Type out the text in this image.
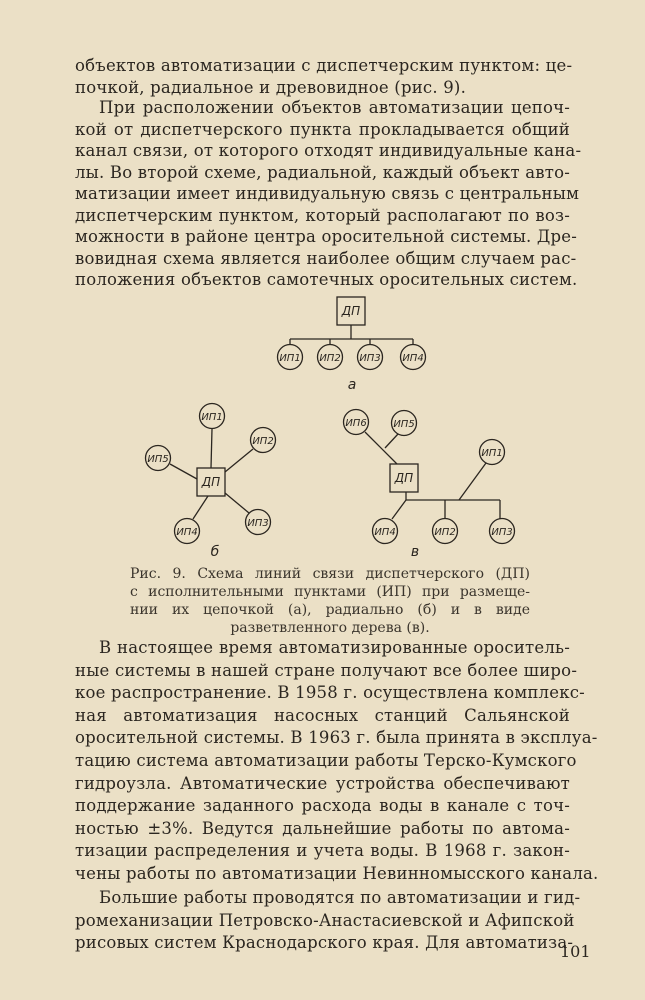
объектов автоматизации с диспетчерским пунктом: це-
почкой, радиальное и древовидное (рис. 9).
При расположении объектов автоматизации цепоч-
кой от диспетчерского пункта прокладывается общий
канал связи, от которого отходят индивидуальные кана-
лы. Во второй схеме, радиальной, каждый объект авто-
матизации имеет индивидуальную связь с центральным
диспетчерским пунктом, который располагают по воз-
можности в районе центра оросительной системы. Дре-
вовидная схема является наиболее общим случаем рас-
положения объектов самотечных оросительных систем.
ДП
ИП1 ИП2 ИП3 ИП4
а
ДП
ИП1
ИП2
ИП3
ИП4
ИП5
б
ДП
ИП1
ИП2	ИП3
ИП4
ИП5
ИП6
в
Рис. 9. Схема линий связи диспетчерского (ДП)
с исполнительными пунктами (ИП) при размеще-
нии их цепочкой (а), радиально (б) и в виде
разветвленного дерева (в).
В настоящее время автоматизированные ороситель-
ные системы в нашей стране получают все более широ-
кое распространение. В 1958 г. осуществлена комплекс-
ная автоматизация насосных станций Сальянской
оросительной системы. В 1963 г. была принята в эксплуа-
тацию система автоматизации работы Терско-Кумского
гидроузла. Автоматические устройства обеспечивают
поддержание заданного расхода воды в канале с точ-
ностью ±3%. Ведутся дальнейшие работы по автома-
тизации распределения и учета воды. В 1968 г. закон-
чены работы по автоматизации Невинномысского канала.
Большие работы проводятся по автоматизации и гид-
ромеханизации Петровско-Анастасиевской и Афипской
рисовых систем Краснодарского края. Для автоматиза-
101
